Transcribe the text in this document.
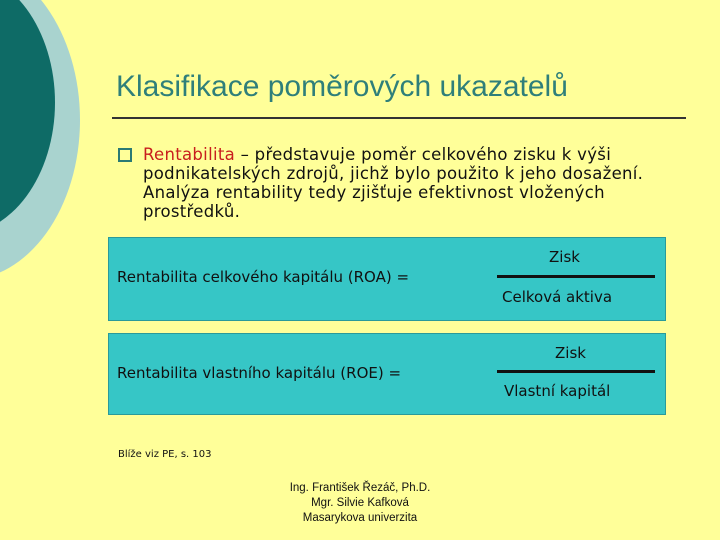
Klasifikace poměrových ukazatelů
Rentabilita – představuje poměr celkového zisku k výši podnikatelských zdrojů, jichž bylo použito k jeho dosažení. Analýza rentability tedy zjišťuje efektivnost vložených prostředků.
Rentabilita celkového kapitálu (ROA) =
Zisk
Celková aktiva
Rentabilita vlastního kapitálu (ROE) =
Zisk
Vlastní kapitál
Blíže viz PE, s. 103
Ing. František Řezáč, Ph.D.
Mgr. Silvie Kafková
Masarykova univerzita
